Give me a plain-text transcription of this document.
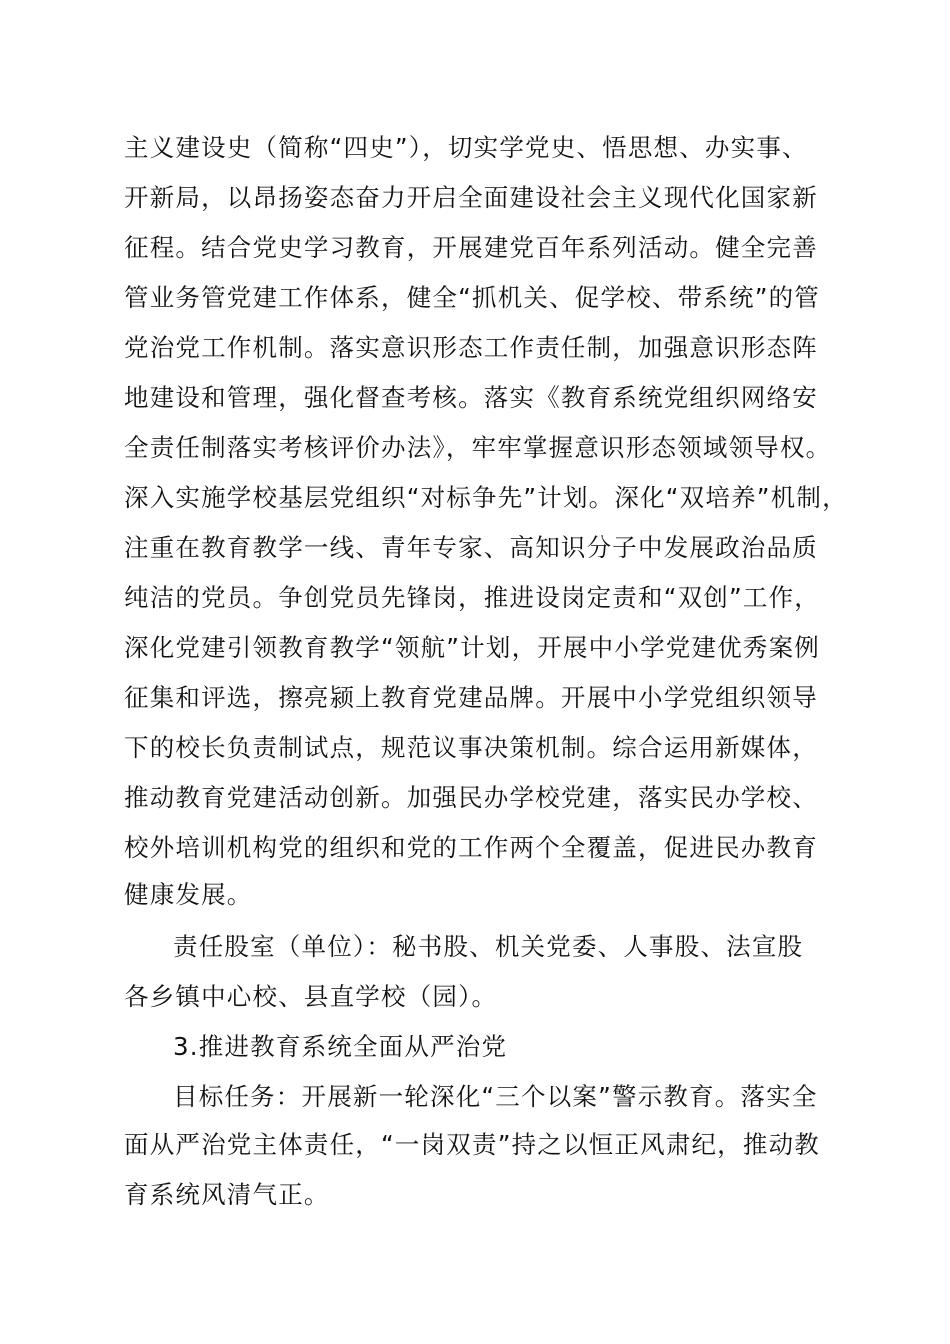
主义建设史（简称“四史”），切实学党史、悟思想、办实事、
开新局，以昂扬姿态奋力开启全面建设社会主义现代化国家新
征程。结合党史学习教育，开展建党百年系列活动。健全完善
管业务管党建工作体系，健全“抓机关、促学校、带系统”的管
党治党工作机制。落实意识形态工作责任制，加强意识形态阵
地建设和管理，强化督查考核。落实《教育系统党组织网络安
全责任制落实考核评价办法》，牢牢掌握意识形态领域领导权。
深入实施学校基层党组织“对标争先”计划。深化“双培养”机制，
注重在教育教学一线、青年专家、高知识分子中发展政治品质
纯洁的党员。争创党员先锋岗，推进设岗定责和“双创”工作，
深化党建引领教育教学“领航”计划，开展中小学党建优秀案例
征集和评选，擦亮颍上教育党建品牌。开展中小学党组织领导
下的校长负责制试点，规范议事决策机制。综合运用新媒体，
推动教育党建活动创新。加强民办学校党建，落实民办学校、
校外培训机构党的组织和党的工作两个全覆盖，促进民办教育
健康发展。
责任股室（单位）：秘书股、机关党委、人事股、法宣股
各乡镇中心校、县直学校（园）。
3.推进教育系统全面从严治党
目标任务：开展新一轮深化“三个以案”警示教育。落实全
面从严治党主体责任，“一岗双责”持之以恒正风肃纪，推动教
育系统风清气正。
